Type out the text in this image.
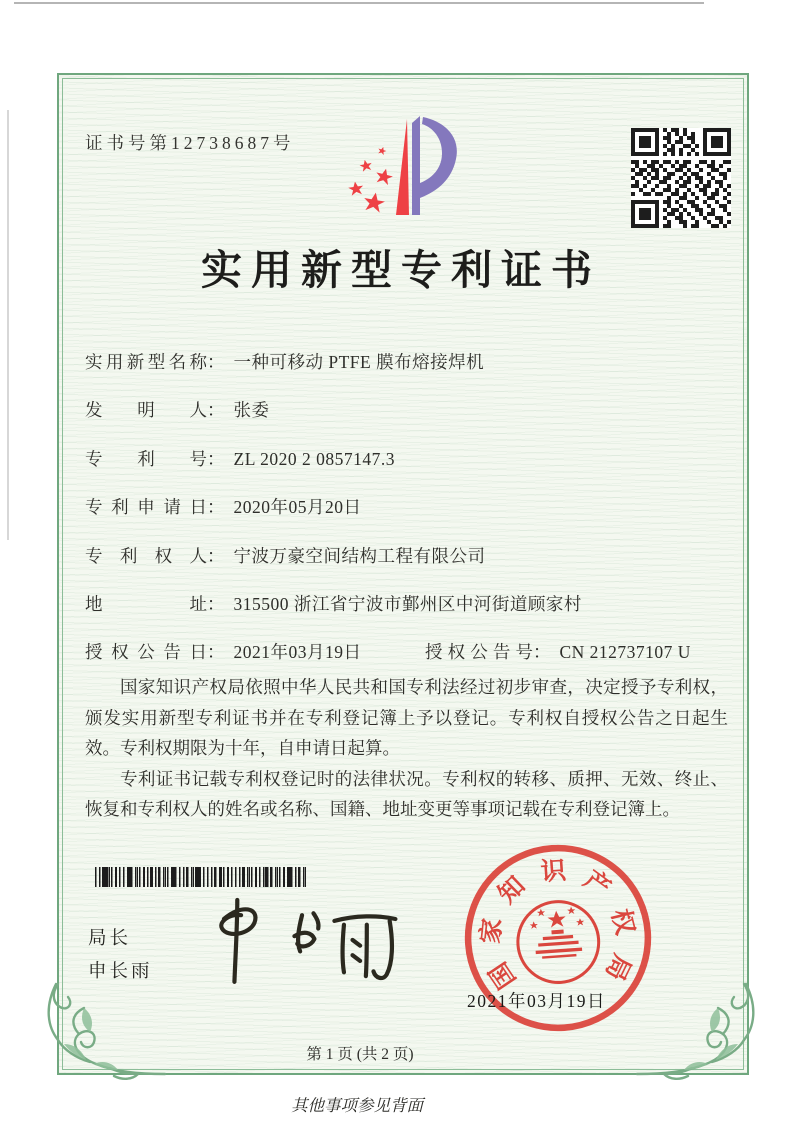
证书号第12738687号
实用新型专利证书
实用新型名称： 一种可移动 PTFE 膜布熔接焊机
发明人： 张委
专利号： ZL 2020 2 0857147.3
专利申请日： 2020年05月20日
专利权人： 宁波万豪空间结构工程有限公司
地址： 315500 浙江省宁波市鄞州区中河街道顾家村
授权公告日： 2021年03月19日	授权公告号： CN 212737107 U

国家知识产权局依照中华人民共和国专利法经过初步审查，决定授予专利权，颁发实用新型专利证书并在专利登记簿上予以登记。专利权自授权公告之日起生效。专利权期限为十年，自申请日起算。

专利证书记载专利权登记时的法律状况。专利权的转移、质押、无效、终止、恢复和专利权人的姓名或名称、国籍、地址变更等事项记载在专利登记簿上。

局长
申长雨	国
家
知 识 产
权
局
2021年03月19日
第 1 页 (共 2 页)
其他事项参见背面
